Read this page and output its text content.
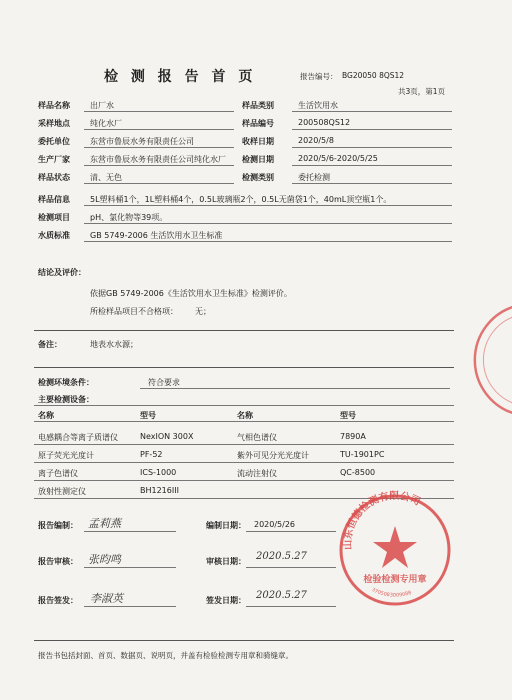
检 测 报 告 首 页	报告编号： BG20050 8QS12
共3页，第1页
样品名称	出厂水	样品类别	生活饮用水
采样地点	纯化水厂	样品编号	200508QS12
委托单位	东营市鲁辰水务有限责任公司	收样日期	2020/5/8
生产厂家	东营市鲁辰水务有限责任公司纯化水厂 检测日期	2020/5/6-2020/5/25
样品状态	清、无色	检测类别	委托检测
样品信息	5L塑料桶1个，1L塑料桶4个，0.5L玻璃瓶2个，0.5L无菌袋1个，40mL顶空瓶1个。
检测项目	pH、氯化物等39项。
水质标准	GB 5749-2006 生活饮用水卫生标准
结论及评价：
依据GB 5749-2006《生活饮用水卫生标准》检测评价。
所检样品项目不合格项： 无；
备注：	地表水水源；
检测环境条件：	符合要求
主要检测设备：
名称	型号	名称	型号
电感耦合等离子质谱仪	NexION 300X	气相色谱仪	7890A
原子荧光光度计	PF-52	紫外可见分光光度计	TU-1901PC
离子色谱仪	ICS-1000	流动注射仪	QC-8500
放射性测定仪	BH1216III
报告编制： 孟莉燕	编制日期： 2020/5/26
报告审核： 张昀鸣	审核日期： 2020.5.27
报告签发： 李淑英	签发日期： 2020.5.27
山东恒德检测有限公司
检验检测专用章
3705083009088
报告书包括封面、首页、数据页、说明页，并盖有检验检测专用章和骑缝章。
